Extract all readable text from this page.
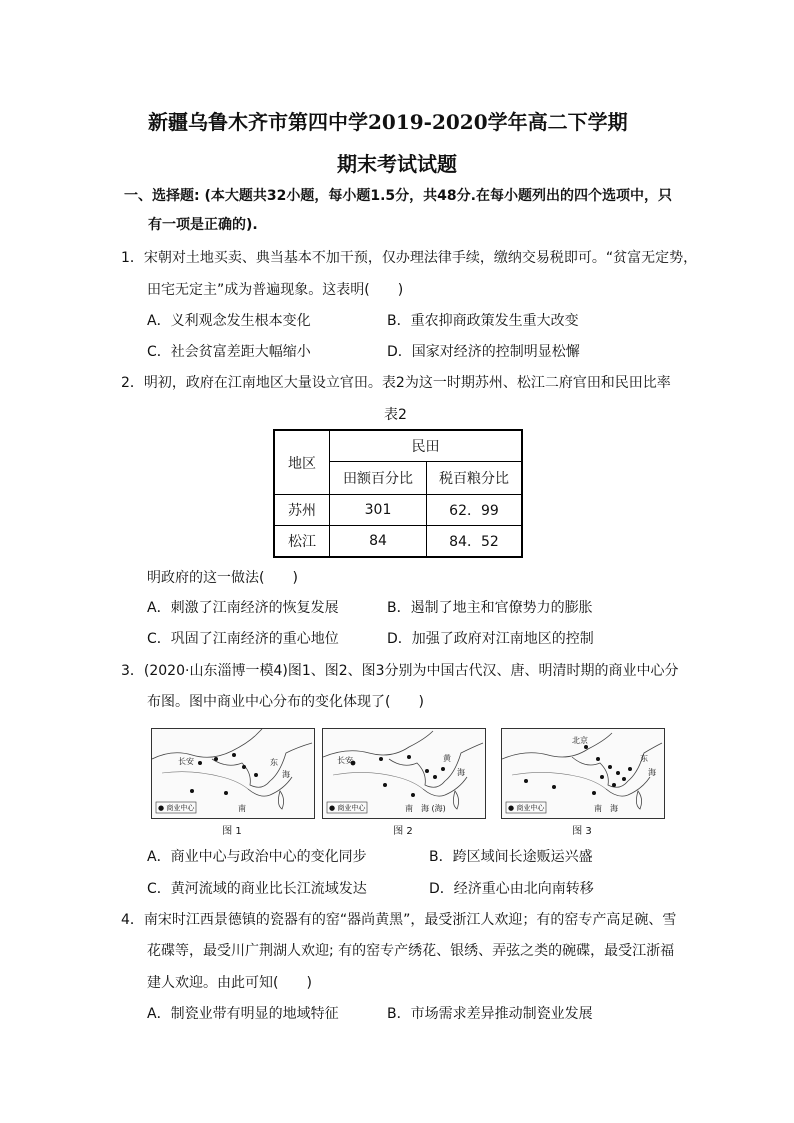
新疆乌鲁木齐市第四中学2019-2020学年高二下学期
期末考试试题
一、选择题: (本大题共32小题，每小题1.5分，共48分.在每小题列出的四个选项中，只
有一项是正确的).
1．宋朝对土地买卖、典当基本不加干预，仅办理法律手续，缴纳交易税即可。“贫富无定势，
田宅无定主”成为普遍现象。这表明(　　)
A．义利观念发生根本变化	B．重农抑商政策发生重大改变
C．社会贫富差距大幅缩小	D．国家对经济的控制明显松懈
2．明初，政府在江南地区大量设立官田。表2为这一时期苏州、松江二府官田和民田比率
表2
地区	民田	
	田额百分比	税百粮分比
苏州	301	62．99
松江	84	84．52
明政府的这一做法(　　)
A．刺激了江南经济的恢复发展	B．遏制了地主和官僚势力的膨胀
C．巩固了江南经济的重心地位	D．加强了政府对江南地区的控制
3．(2020·山东淄博一模4)图1、图2、图3分别为中国古代汉、唐、明清时期的商业中心分
布图。图中商业中心分布的变化体现了(　　)
长安	东
海
南
● 商业中心
图 1
长安	黄
海
南　海 (海)
● 商业中心
图 2
北京
东
海
南　海
● 商业中心
图 3
A．商业中心与政治中心的变化同步	B．跨区域间长途贩运兴盛
C．黄河流域的商业比长江流域发达	D．经济重心由北向南转移
4．南宋时江西景德镇的瓷器有的窑“器尚黄黑”，最受浙江人欢迎；有的窑专产高足碗、雪
花碟等，最受川广荆湖人欢迎; 有的窑专产绣花、银绣、弄弦之类的碗碟，最受江浙福
建人欢迎。由此可知(　　)
A．制瓷业带有明显的地域特征	B．市场需求差异推动制瓷业发展
